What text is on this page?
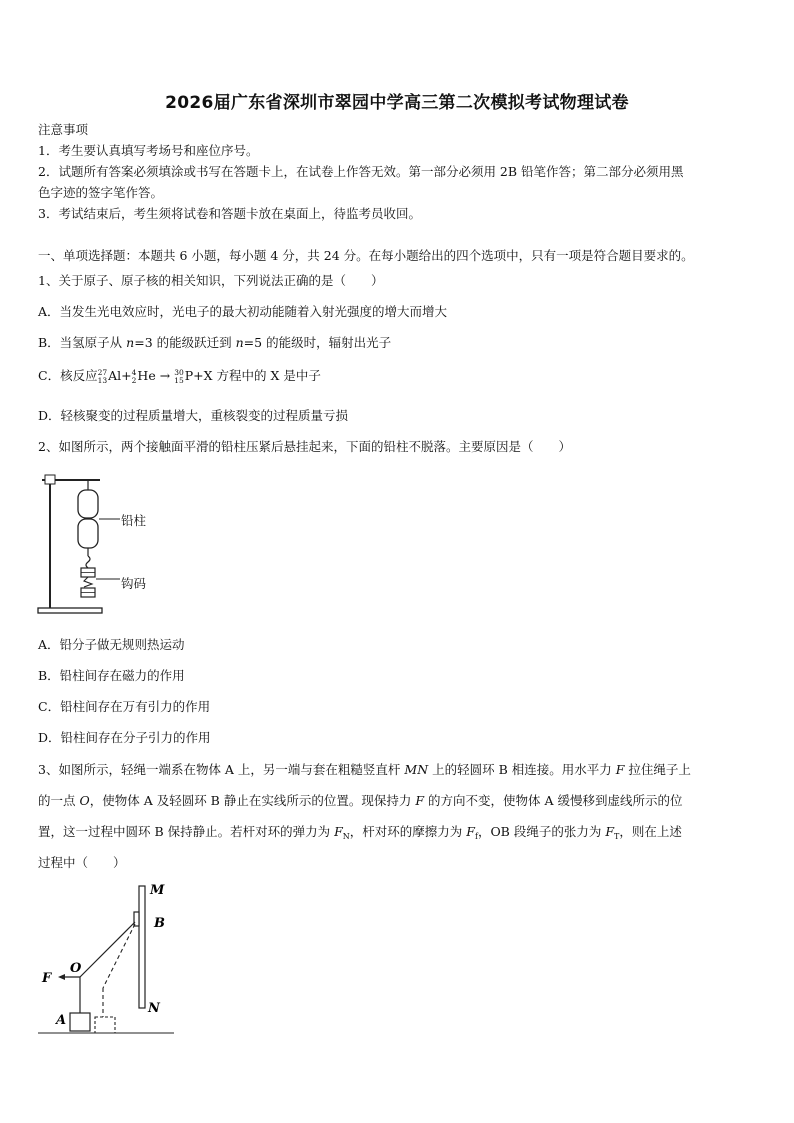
2026届广东省深圳市翠园中学高三第二次模拟考试物理试卷
注意事项
1．考生要认真填写考场号和座位序号。
2．试题所有答案必须填涂或书写在答题卡上，在试卷上作答无效。第一部分必须用 2B 铅笔作答；第二部分必须用黑
色字迹的签字笔作答。
3．考试结束后，考生须将试卷和答题卡放在桌面上，待监考员收回。
一、单项选择题：本题共 6 小题，每小题 4 分，共 24 分。在每小题给出的四个选项中，只有一项是符合题目要求的。
1、关于原子、原子核的相关知识，下列说法正确的是（　　）
A．当发生光电效应时，光电子的最大初动能随着入射光强度的增大而增大
B．当氢原子从 n=3 的能级跃迁到 n=5 的能级时，辐射出光子
C．核反应 27
13 Al+ 4
2 He → 30
15 P+X 方程中的 X 是中子
D．轻核聚变的过程质量增大，重核裂变的过程质量亏损
2、如图所示，两个接触面平滑的铅柱压紧后悬挂起来，下面的铅柱不脱落。主要原因是（　　）
铅柱
钩码
A．铅分子做无规则热运动
B．铅柱间存在磁力的作用
C．铅柱间存在万有引力的作用
D．铅柱间存在分子引力的作用
3、如图所示，轻绳一端系在物体 A 上，另一端与套在粗糙竖直杆 MN 上的轻圆环 B 相连接。用水平力 F 拉住绳子上
的一点 O，使物体 A 及轻圆环 B 静止在实线所示的位置。现保持力 F 的方向不变，使物体 A 缓慢移到虚线所示的位
置，这一过程中圆环 B 保持静止。若杆对环的弹力为 $F_N$，杆对环的摩擦力为 $F_f$，OB 段绳子的张力为 $F_T$，则在上述
过程中（　　）
M
B
F
O
A
N
